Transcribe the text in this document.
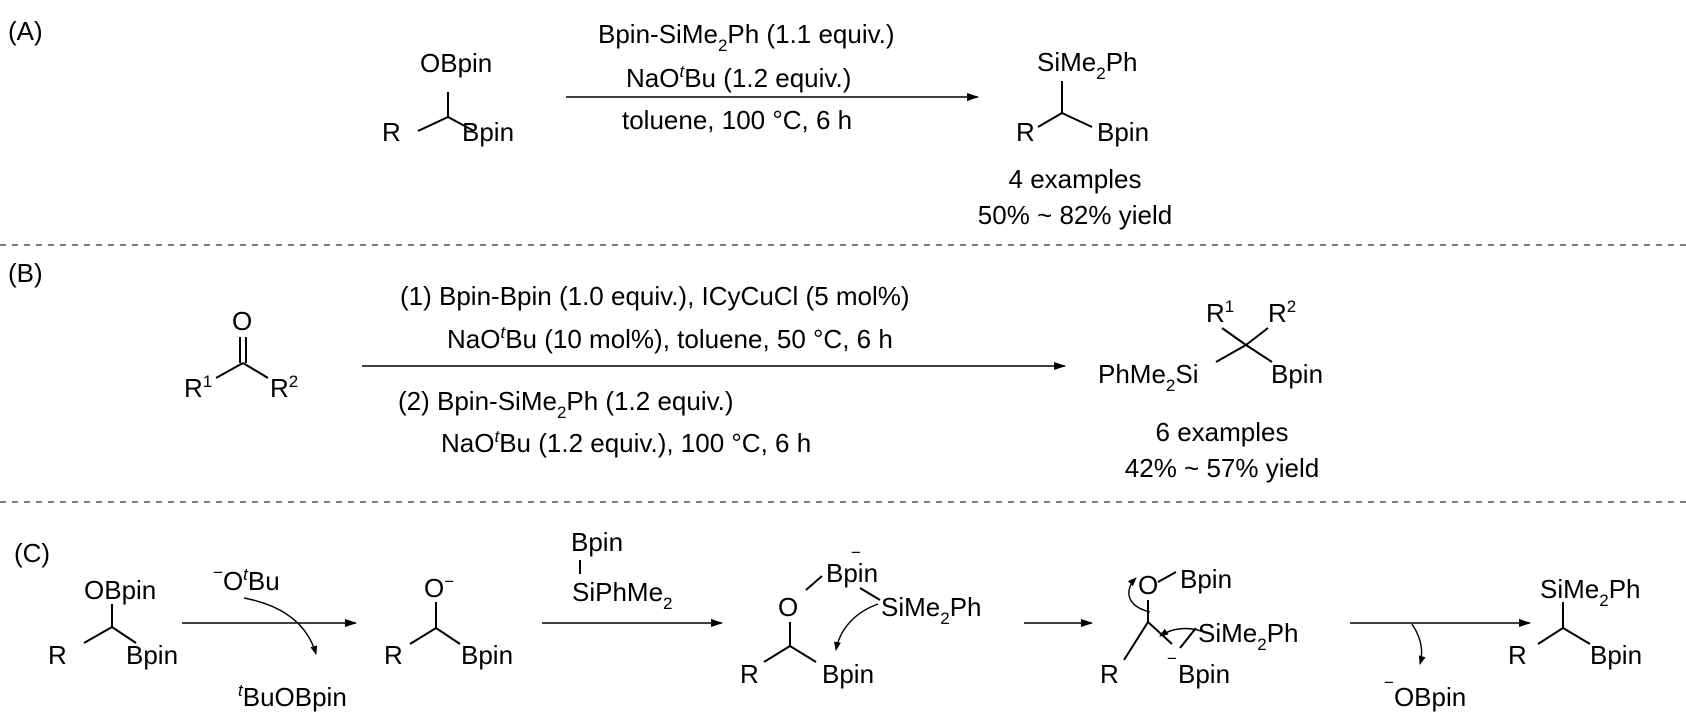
(A)
OBpin
R Bpin
Bpin-SiMe$_2$Ph (1.1 equiv.)
NaO$^t$Bu (1.2 equiv.)
toluene, 100 °C, 6 h
SiMe$_2$Ph
R Bpin
4 examples
50% ~ 82% yield
(B)
O
$R^1$ $R^2$
(1) Bpin-Bpin (1.0 equiv.), ICyCuCl (5 mol%)
NaO$^t$Bu (10 mol%), toluene, 50 °C, 6 h
(2) Bpin-SiMe$_2$Ph (1.2 equiv.)
NaO$^t$Bu (1.2 equiv.), 100 °C, 6 h
$R^1$ $R^2$
PhMe$_2$Si	Bpin
6 examples
42% ~ 57% yield
(C)
OBpin
R Bpin
$^-O^tBu$
$^t$BuOBpin
O−
R Bpin
Bpin
SiPhMe$_2$
Bpin
−
SiMe$_2$Ph
O
R Bpin
O Bpin
SiMe$_2$Ph
Bpin
−
R	−OBpin
SiMe$_2$Ph
R Bpin
